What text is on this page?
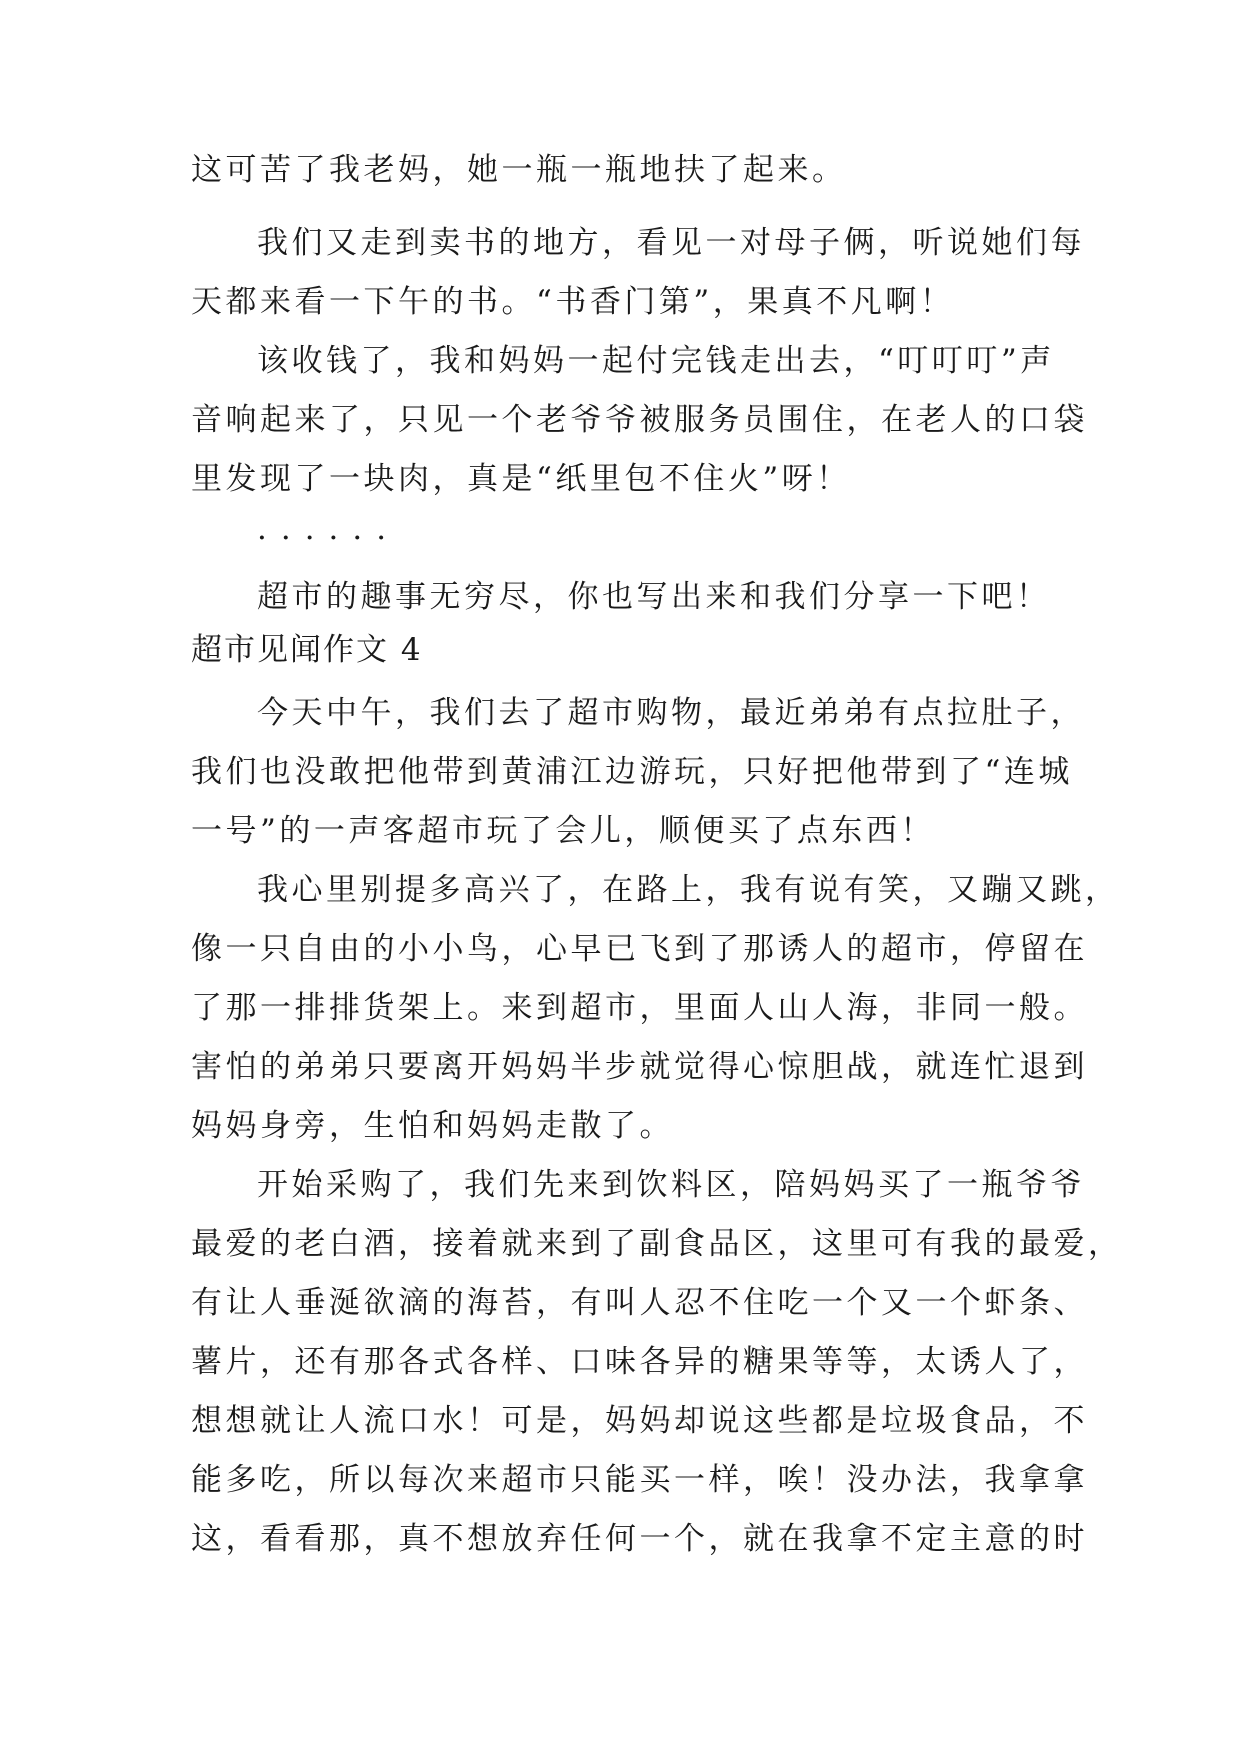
这可苦了我老妈，她一瓶一瓶地扶了起来。
我们又走到卖书的地方，看见一对母子俩，听说她们每
天都来看一下午的书。“书香门第”，果真不凡啊！
该收钱了，我和妈妈一起付完钱走出去，“叮叮叮”声
音响起来了，只见一个老爷爷被服务员围住，在老人的口袋
里发现了一块肉，真是“纸里包不住火”呀！
······
超市的趣事无穷尽，你也写出来和我们分享一下吧！
超市见闻作文 4
今天中午，我们去了超市购物，最近弟弟有点拉肚子，
我们也没敢把他带到黄浦江边游玩，只好把他带到了“连城
一号”的一声客超市玩了会儿，顺便买了点东西！
我心里别提多高兴了，在路上，我有说有笑，又蹦又跳，
像一只自由的小小鸟，心早已飞到了那诱人的超市，停留在
了那一排排货架上。来到超市，里面人山人海，非同一般。
害怕的弟弟只要离开妈妈半步就觉得心惊胆战，就连忙退到
妈妈身旁，生怕和妈妈走散了。
开始采购了，我们先来到饮料区，陪妈妈买了一瓶爷爷
最爱的老白酒，接着就来到了副食品区，这里可有我的最爱，
有让人垂涎欲滴的海苔，有叫人忍不住吃一个又一个虾条、
薯片，还有那各式各样、口味各异的糖果等等，太诱人了，
想想就让人流口水！可是，妈妈却说这些都是垃圾食品，不
能多吃，所以每次来超市只能买一样，唉！没办法，我拿拿
这，看看那，真不想放弃任何一个，就在我拿不定主意的时
